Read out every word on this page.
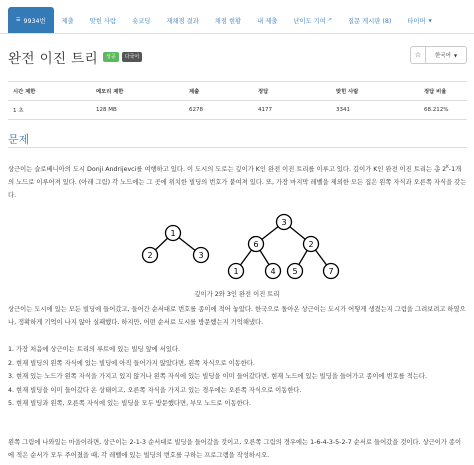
☰ 9934번	제출	맞힌 사람	숏코딩	재채점 결과	채점 현황	내 제출	난이도 기여 ↗	질문 게시판 (8)	타이머 ▼
완전 이진 트리	성공	다국어	☆	한국어 ▼
시간 제한	메모리 제한	제출	정답	맞힌 사람	정답 비율
1 초	128 MB	6278	4177	3341	68.212%
문제
상근이는 슬로베니아의 도시 Donji Andrijevci를 여행하고 있다. 이 도시의 도로는 깊이가 K인 완전 이진 트리를 이루고 있다. 깊이가 K인 완전 이진 트리는 총 $2^K-1$개의 노드로 이루어져 있다. (아래 그림) 각 노드에는 그 곳에 위치한 빌딩의 번호가 붙여져 있다. 또, 가장 마지막 레벨을 제외한 모든 집은 왼쪽 자식과 오른쪽 자식을 갖는다.
1
2	3
3
6	2
1	4 5	7
깊이가 2와 3인 완전 이진 트리
상근이는 도시에 있는 모든 빌딩에 들어갔고, 들어간 순서대로 번호를 종이에 적어 놓았다. 한국으로 돌아온 상근이는 도시가 어떻게 생겼는지 그림을 그려보려고 하였으나, 정확하게 기억이 나지 않아 실패했다. 하지만, 어떤 순서로 도시를 방문했는지 기억해냈다.
1. 가장 처음에 상근이는 트리의 루트에 있는 빌딩 앞에 서있다.
2. 현재 빌딩의 왼쪽 자식에 있는 빌딩에 아직 들어가지 않았다면, 왼쪽 자식으로 이동한다.
3. 현재 있는 노드가 왼쪽 자식을 가지고 있지 않거나 왼쪽 자식에 있는 빌딩을 이미 들어갔다면, 현재 노드에 있는 빌딩을 들어가고 종이에 번호를 적는다.
4. 현재 빌딩을 이미 들어갔다 온 상태이고, 오른쪽 자식을 가지고 있는 경우에는 오른쪽 자식으로 이동한다.
5. 현재 빌딩과 왼쪽, 오른쪽 자식에 있는 빌딩을 모두 방문했다면, 부모 노드로 이동한다.
왼쪽 그림에 나와있는 마을이라면, 상근이는 2-1-3 순서대로 빌딩을 들어갔을 것이고, 오른쪽 그림의 경우에는 1-6-4-3-5-2-7 순서로 들어갔을 것이다. 상근이가 종이에 적은 순서가 모두 주어졌을 때, 각 레벨에 있는 빌딩의 번호를 구하는 프로그램을 작성하시오.
